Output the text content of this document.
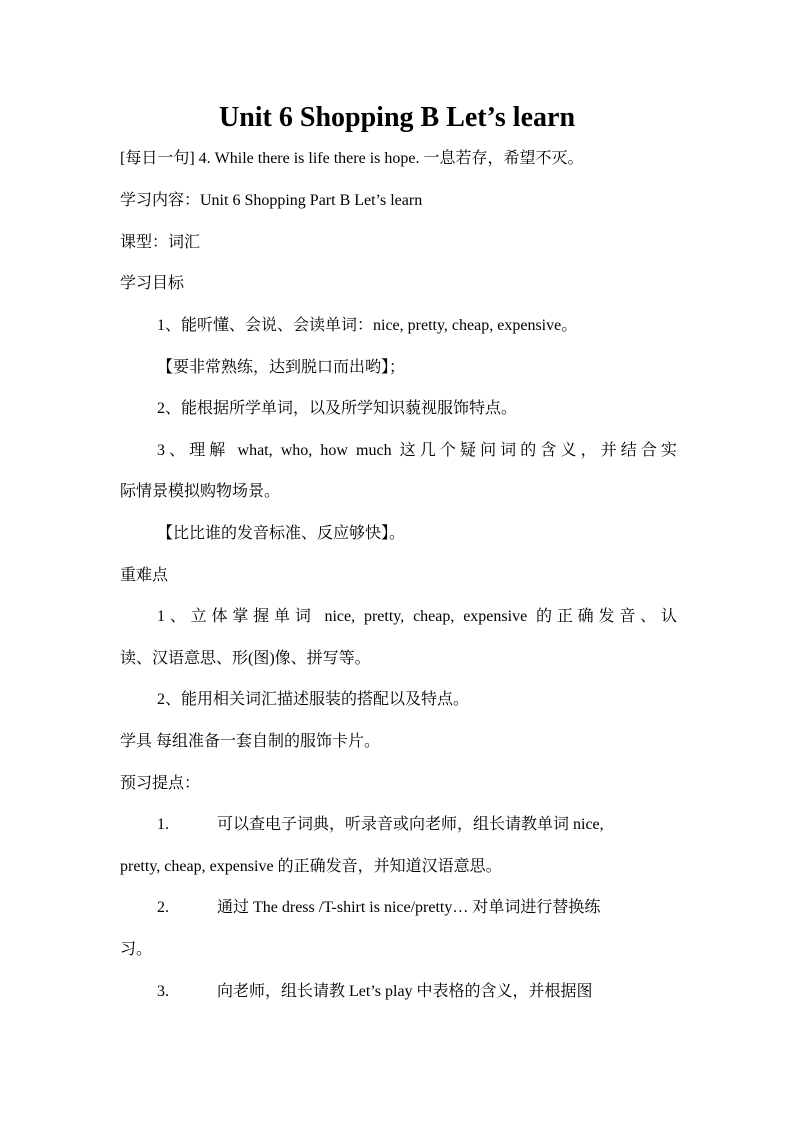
Unit 6 Shopping B Let’s learn
[每日一句] 4. While there is life there is hope. 一息若存，希望不灭。
学习内容：Unit 6 Shopping Part B Let’s learn
课型：词汇
学习目标
1、能听懂、会说、会读单词：nice, pretty, cheap, expensive。
【要非常熟练，达到脱口而出哟】；
2、能根据所学单词，以及所学知识藐视服饰特点。
3、理解 what, who, how much 这几个疑问词的含义，并结合实
际情景模拟购物场景。
【比比谁的发音标准、反应够快】。
重难点
1、立体掌握单词 nice, pretty, cheap, expensive 的正确发音、认
读、汉语意思、形(图)像、拼写等。
2、能用相关词汇描述服装的搭配以及特点。
学具 每组准备一套自制的服饰卡片。
预习提点：
1.	可以查电子词典，听录音或向老师，组长请教单词 nice,
pretty, cheap, expensive 的正确发音，并知道汉语意思。
2.	通过 The dress /T-shirt is nice/pretty… 对单词进行替换练
习。
3.	向老师，组长请教 Let’s play 中表格的含义，并根据图
